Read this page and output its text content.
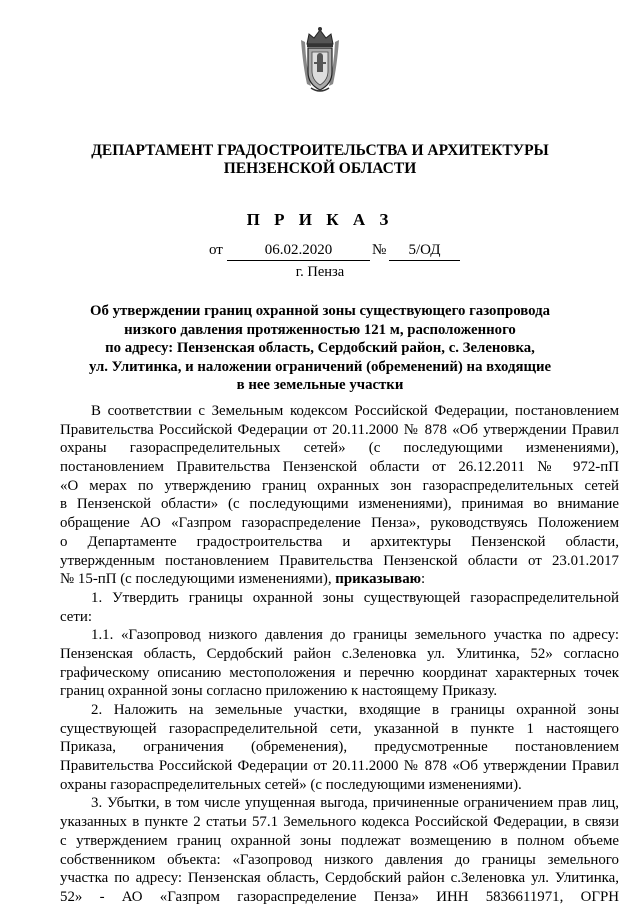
ДЕПАРТАМЕНТ ГРАДОСТРОИТЕЛЬСТВА И АРХИТЕКТУРЫ
ПЕНЗЕНСКОЙ ОБЛАСТИ
П Р И К А З
от	06.02.2020	№	5/ОД
г. Пенза
Об утверждении границ охранной зоны существующего газопровода
низкого давления протяженностью 121 м, расположенного
по адресу: Пензенская область, Сердобский район, с. Зеленовка,
ул. Улитинка, и наложении ограничений (обременений) на входящие
в нее земельные участки
В соответствии с Земельным кодексом Российской Федерации, постановлением
Правительства Российской Федерации от 20.11.2000 № 878 «Об утверждении Правил
охраны газораспределительных сетей» (с последующими изменениями),
постановлением Правительства Пензенской области от 26.12.2011 № 972-пП
«О мерах по утверждению границ охранных зон газораспределительных сетей
в Пензенской области» (с последующими изменениями), принимая во внимание
обращение АО «Газпром газораспределение Пенза», руководствуясь Положением
о Департаменте градостроительства и архитектуры Пензенской области,
утвержденным постановлением Правительства Пензенской области от 23.01.2017
№ 15-пП (с последующими изменениями), приказываю:
1. Утвердить границы охранной зоны существующей газораспределительной
сети:
1.1. «Газопровод низкого давления до границы земельного участка по адресу:
Пензенская область, Сердобский район с.Зеленовка ул. Улитинка, 52» согласно
графическому описанию местоположения и перечню координат характерных точек
границ охранной зоны согласно приложению к настоящему Приказу.
2. Наложить на земельные участки, входящие в границы охранной зоны
существующей газораспределительной сети, указанной в пункте 1 настоящего
Приказа, ограничения (обременения), предусмотренные постановлением
Правительства Российской Федерации от 20.11.2000 № 878 «Об утверждении Правил
охраны газораспределительных сетей» (с последующими изменениями).
3. Убытки, в том числе упущенная выгода, причиненные ограничением прав лиц,
указанных в пункте 2 статьи 57.1 Земельного кодекса Российской Федерации, в связи
с утверждением границ охранной зоны подлежат возмещению в полном объеме
собственником объекта: «Газопровод низкого давления до границы земельного
участка по адресу: Пензенская область, Сердобский район с.Зеленовка ул. Улитинка,
52» - АО «Газпром газораспределение Пенза» ИНН 5836611971, ОГРН
